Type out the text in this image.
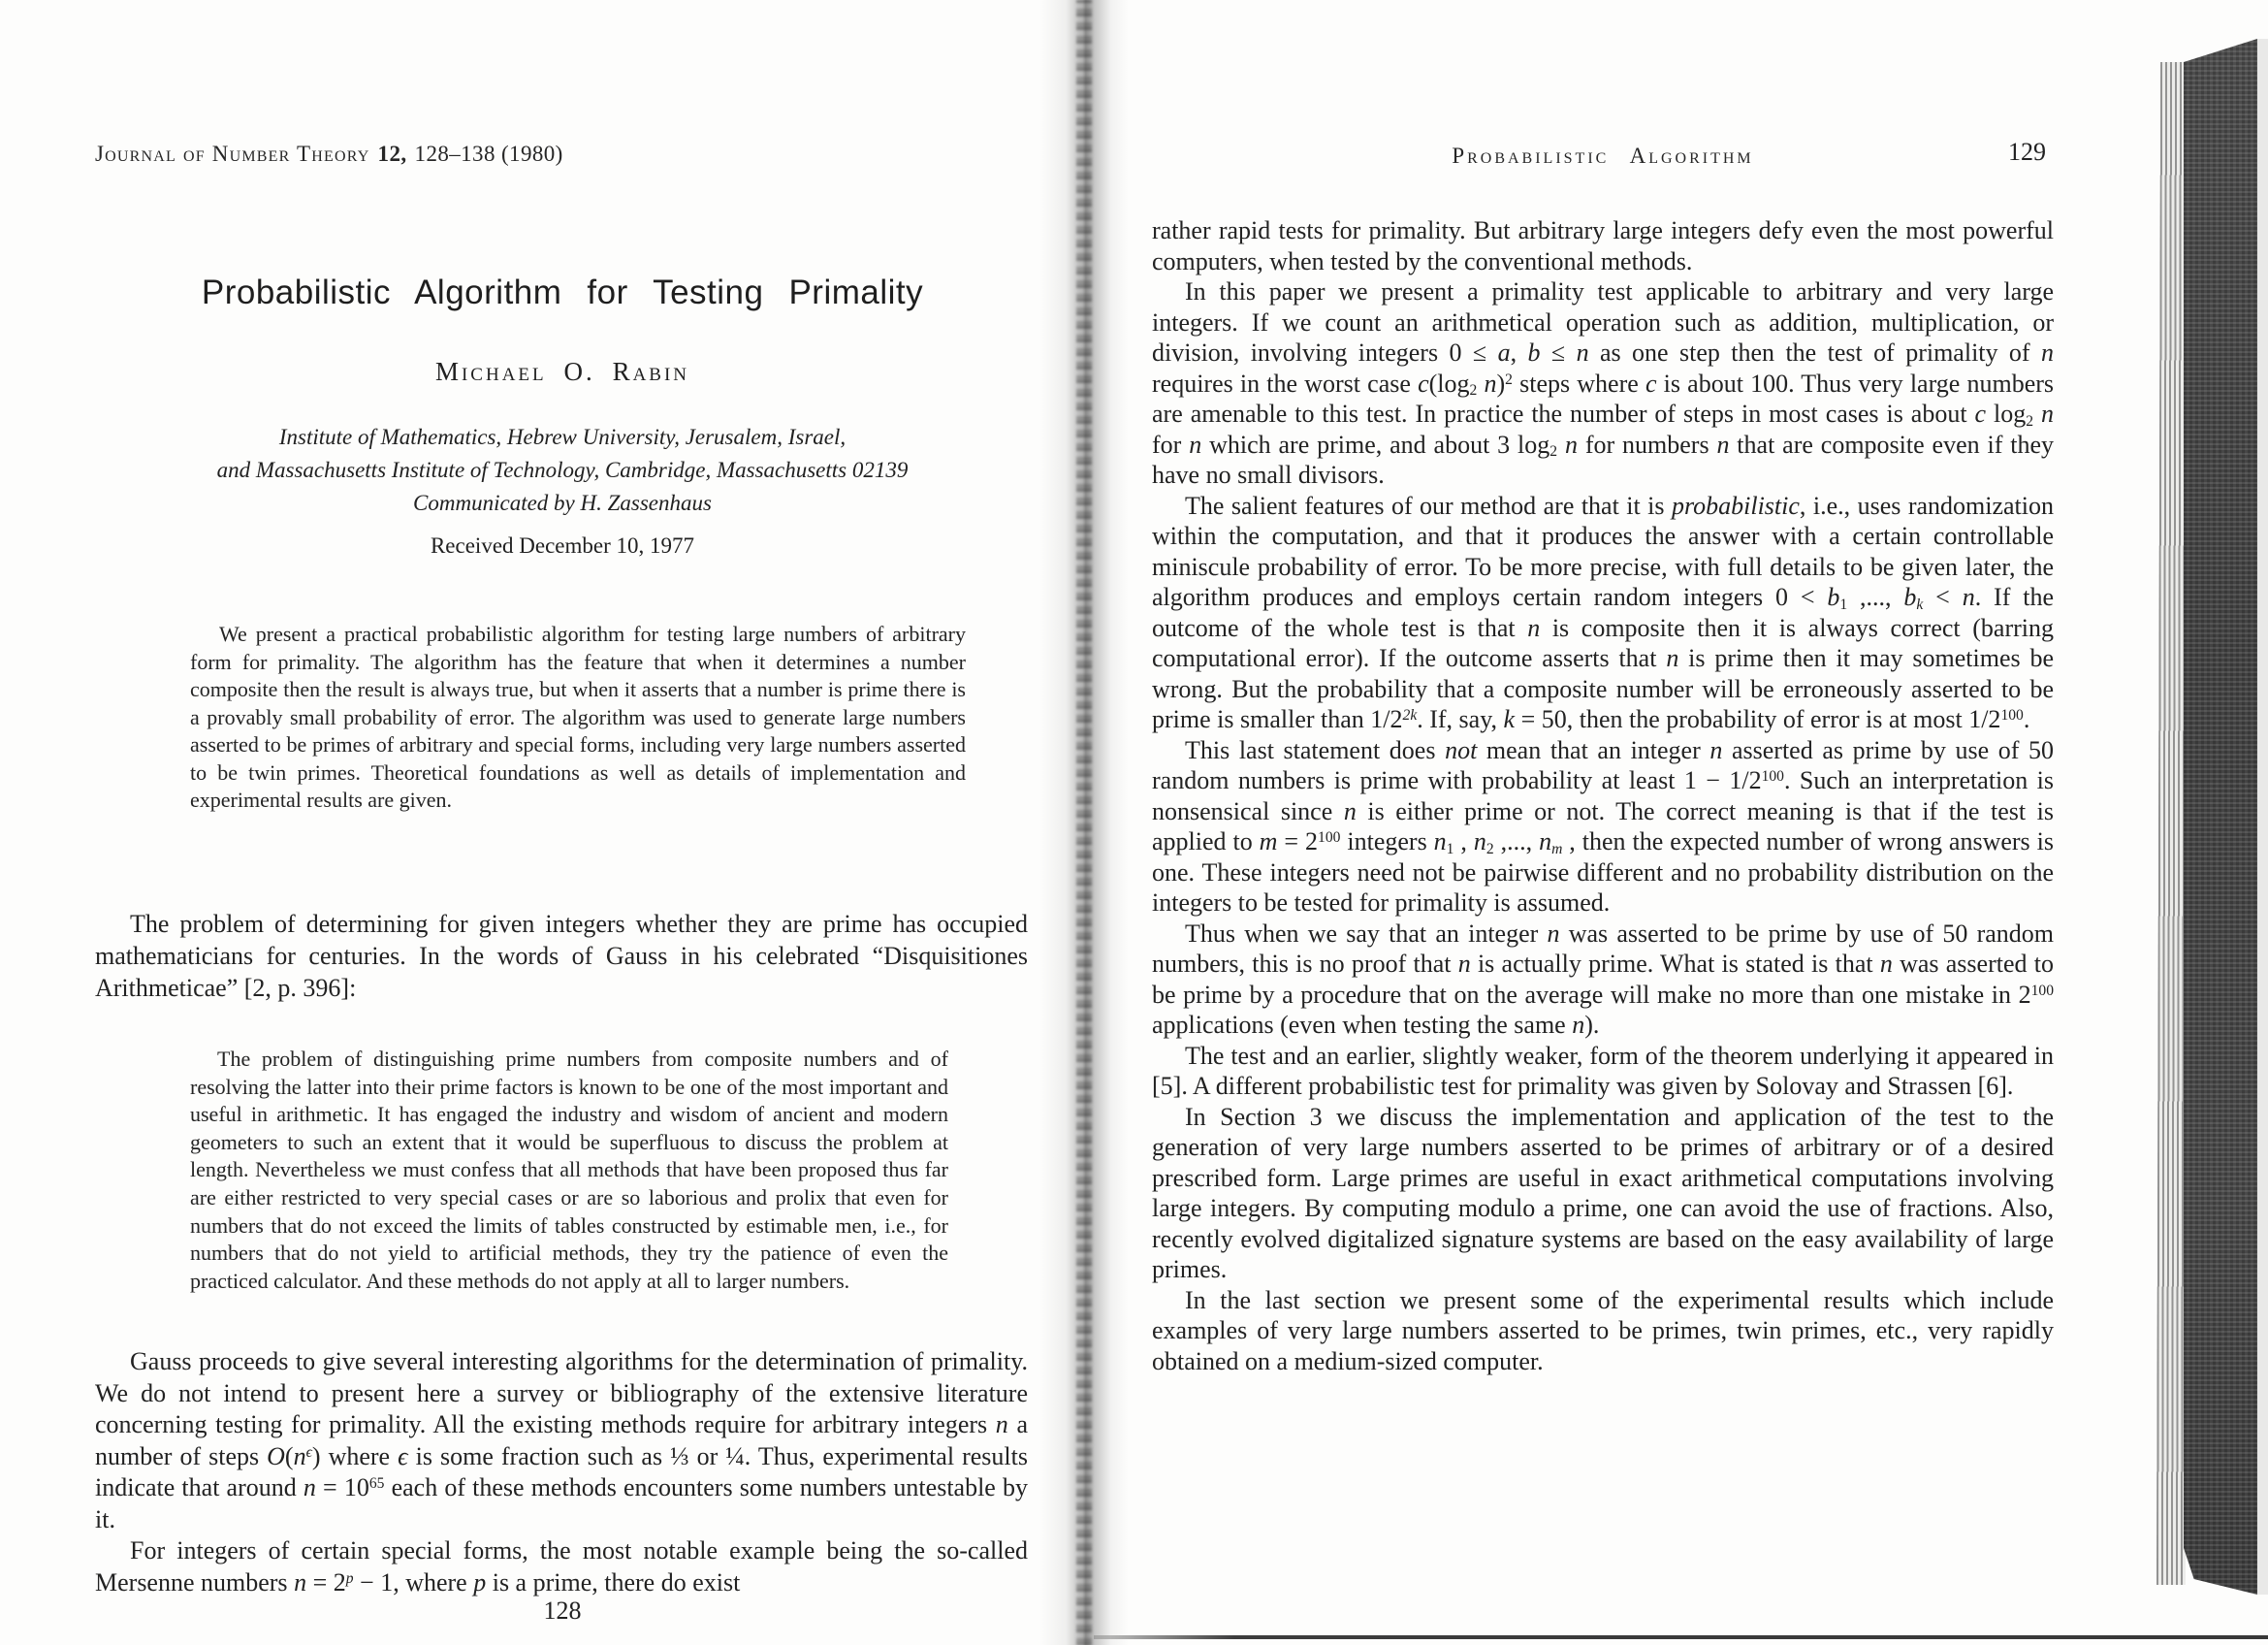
Journal of Number Theory 12, 128–138 (1980)
Probabilistic Algorithm for Testing Primality
Michael O. Rabin
Institute of Mathematics, Hebrew University, Jerusalem, Israel,
and Massachusetts Institute of Technology, Cambridge, Massachusetts 02139
Communicated by H. Zassenhaus
Received December 10, 1977
We present a practical probabilistic algorithm for testing large numbers of arbitrary form for primality. The algorithm has the feature that when it determines a number composite then the result is always true, but when it asserts that a number is prime there is a provably small probability of error. The algorithm was used to generate large numbers asserted to be primes of arbitrary and special forms, including very large numbers asserted to be twin primes. Theoretical foundations as well as details of implementation and experimental results are given.

The problem of determining for given integers whether they are prime has occupied mathematicians for centuries. In the words of Gauss in his celebrated “Disquisitiones Arithmeticae” [2, p. 396]:

The problem of distinguishing prime numbers from composite numbers and of resolving the latter into their prime factors is known to be one of the most important and useful in arithmetic. It has engaged the industry and wisdom of ancient and modern geometers to such an extent that it would be superfluous to discuss the problem at length. Nevertheless we must confess that all methods that have been proposed thus far are either restricted to very special cases or are so laborious and prolix that even for numbers that do not exceed the limits of tables constructed by estimable men, i.e., for numbers that do not yield to artificial methods, they try the patience of even the practiced calculator. And these methods do not apply at all to larger numbers.

Gauss proceeds to give several interesting algorithms for the determination of primality. We do not intend to present here a survey or bibliography of the extensive literature concerning testing for primality. All the existing methods require for arbitrary integers n a number of steps $O(n^\epsilon)$ where ϵ is some fraction such as ⅓ or ¼. Thus, experimental results indicate that around $n = 10^{65}$ each of these methods encounters some numbers untestable by it.

For integers of certain special forms, the most notable example being the so-called Mersenne numbers $n = 2^p - 1$, where p is a prime, there do exist

128
Probabilistic Algorithm	129

rather rapid tests for primality. But arbitrary large integers defy even the most powerful computers, when tested by the conventional methods.

In this paper we present a primality test applicable to arbitrary and very large integers. If we count an arithmetical operation such as addition, multiplication, or division, involving integers 0 ≤ a, b ≤ n as one step then the test of primality of n requires in the worst case $c(\log_2$ n)$^2$ steps where c is about 100. Thus very large numbers are amenable to this test. In practice the number of steps in most cases is about c $\log_2 n$ for n which are prime, and about 3 $\log_2 n$ for numbers n that are composite even if they have no small divisors.

The salient features of our method are that it is probabilistic, i.e., uses randomization within the computation, and that it produces the answer with a certain controllable miniscule probability of error. To be more precise, with full details to be given later, the algorithm produces and employs certain random integers $0 < b_1$ ,..., $b_k < n$. If the outcome of the whole test is that n is composite then it is always correct (barring computational error). If the outcome asserts that n is prime then it may sometimes be wrong. But the probability that a composite number will be erroneously asserted to be prime is smaller than $1/2^{2k}$. If, say, k = 50, then the probability of error is at most $1/2^{100}$.

This last statement does not mean that an integer n asserted as prime by use of 50 random numbers is prime with probability at least $1 - 1/2^{100}$. Such an interpretation is nonsensical since n is either prime or not. The correct meaning is that if the test is applied to $m = 2^{100}$ integers $n_1$ , $n_2$ ,..., $n_m$ , then the expected number of wrong answers is one. These integers need not be pairwise different and no probability distribution on the integers to be tested for primality is assumed.

Thus when we say that an integer n was asserted to be prime by use of 50 random numbers, this is no proof that n is actually prime. What is stated is that n was asserted to be prime by a procedure that on the average will make no more than one mistake in $2^{100}$ applications (even when testing the same n).

The test and an earlier, slightly weaker, form of the theorem underlying it appeared in [5]. A different probabilistic test for primality was given by Solovay and Strassen [6].

In Section 3 we discuss the implementation and application of the test to the generation of very large numbers asserted to be primes of arbitrary or of a desired prescribed form. Large primes are useful in exact arithmetical computations involving large integers. By computing modulo a prime, one can avoid the use of fractions. Also, recently evolved digitalized signature systems are based on the easy availability of large primes.

In the last section we present some of the experimental results which include examples of very large numbers asserted to be primes, twin primes, etc., very rapidly obtained on a medium-sized computer.
